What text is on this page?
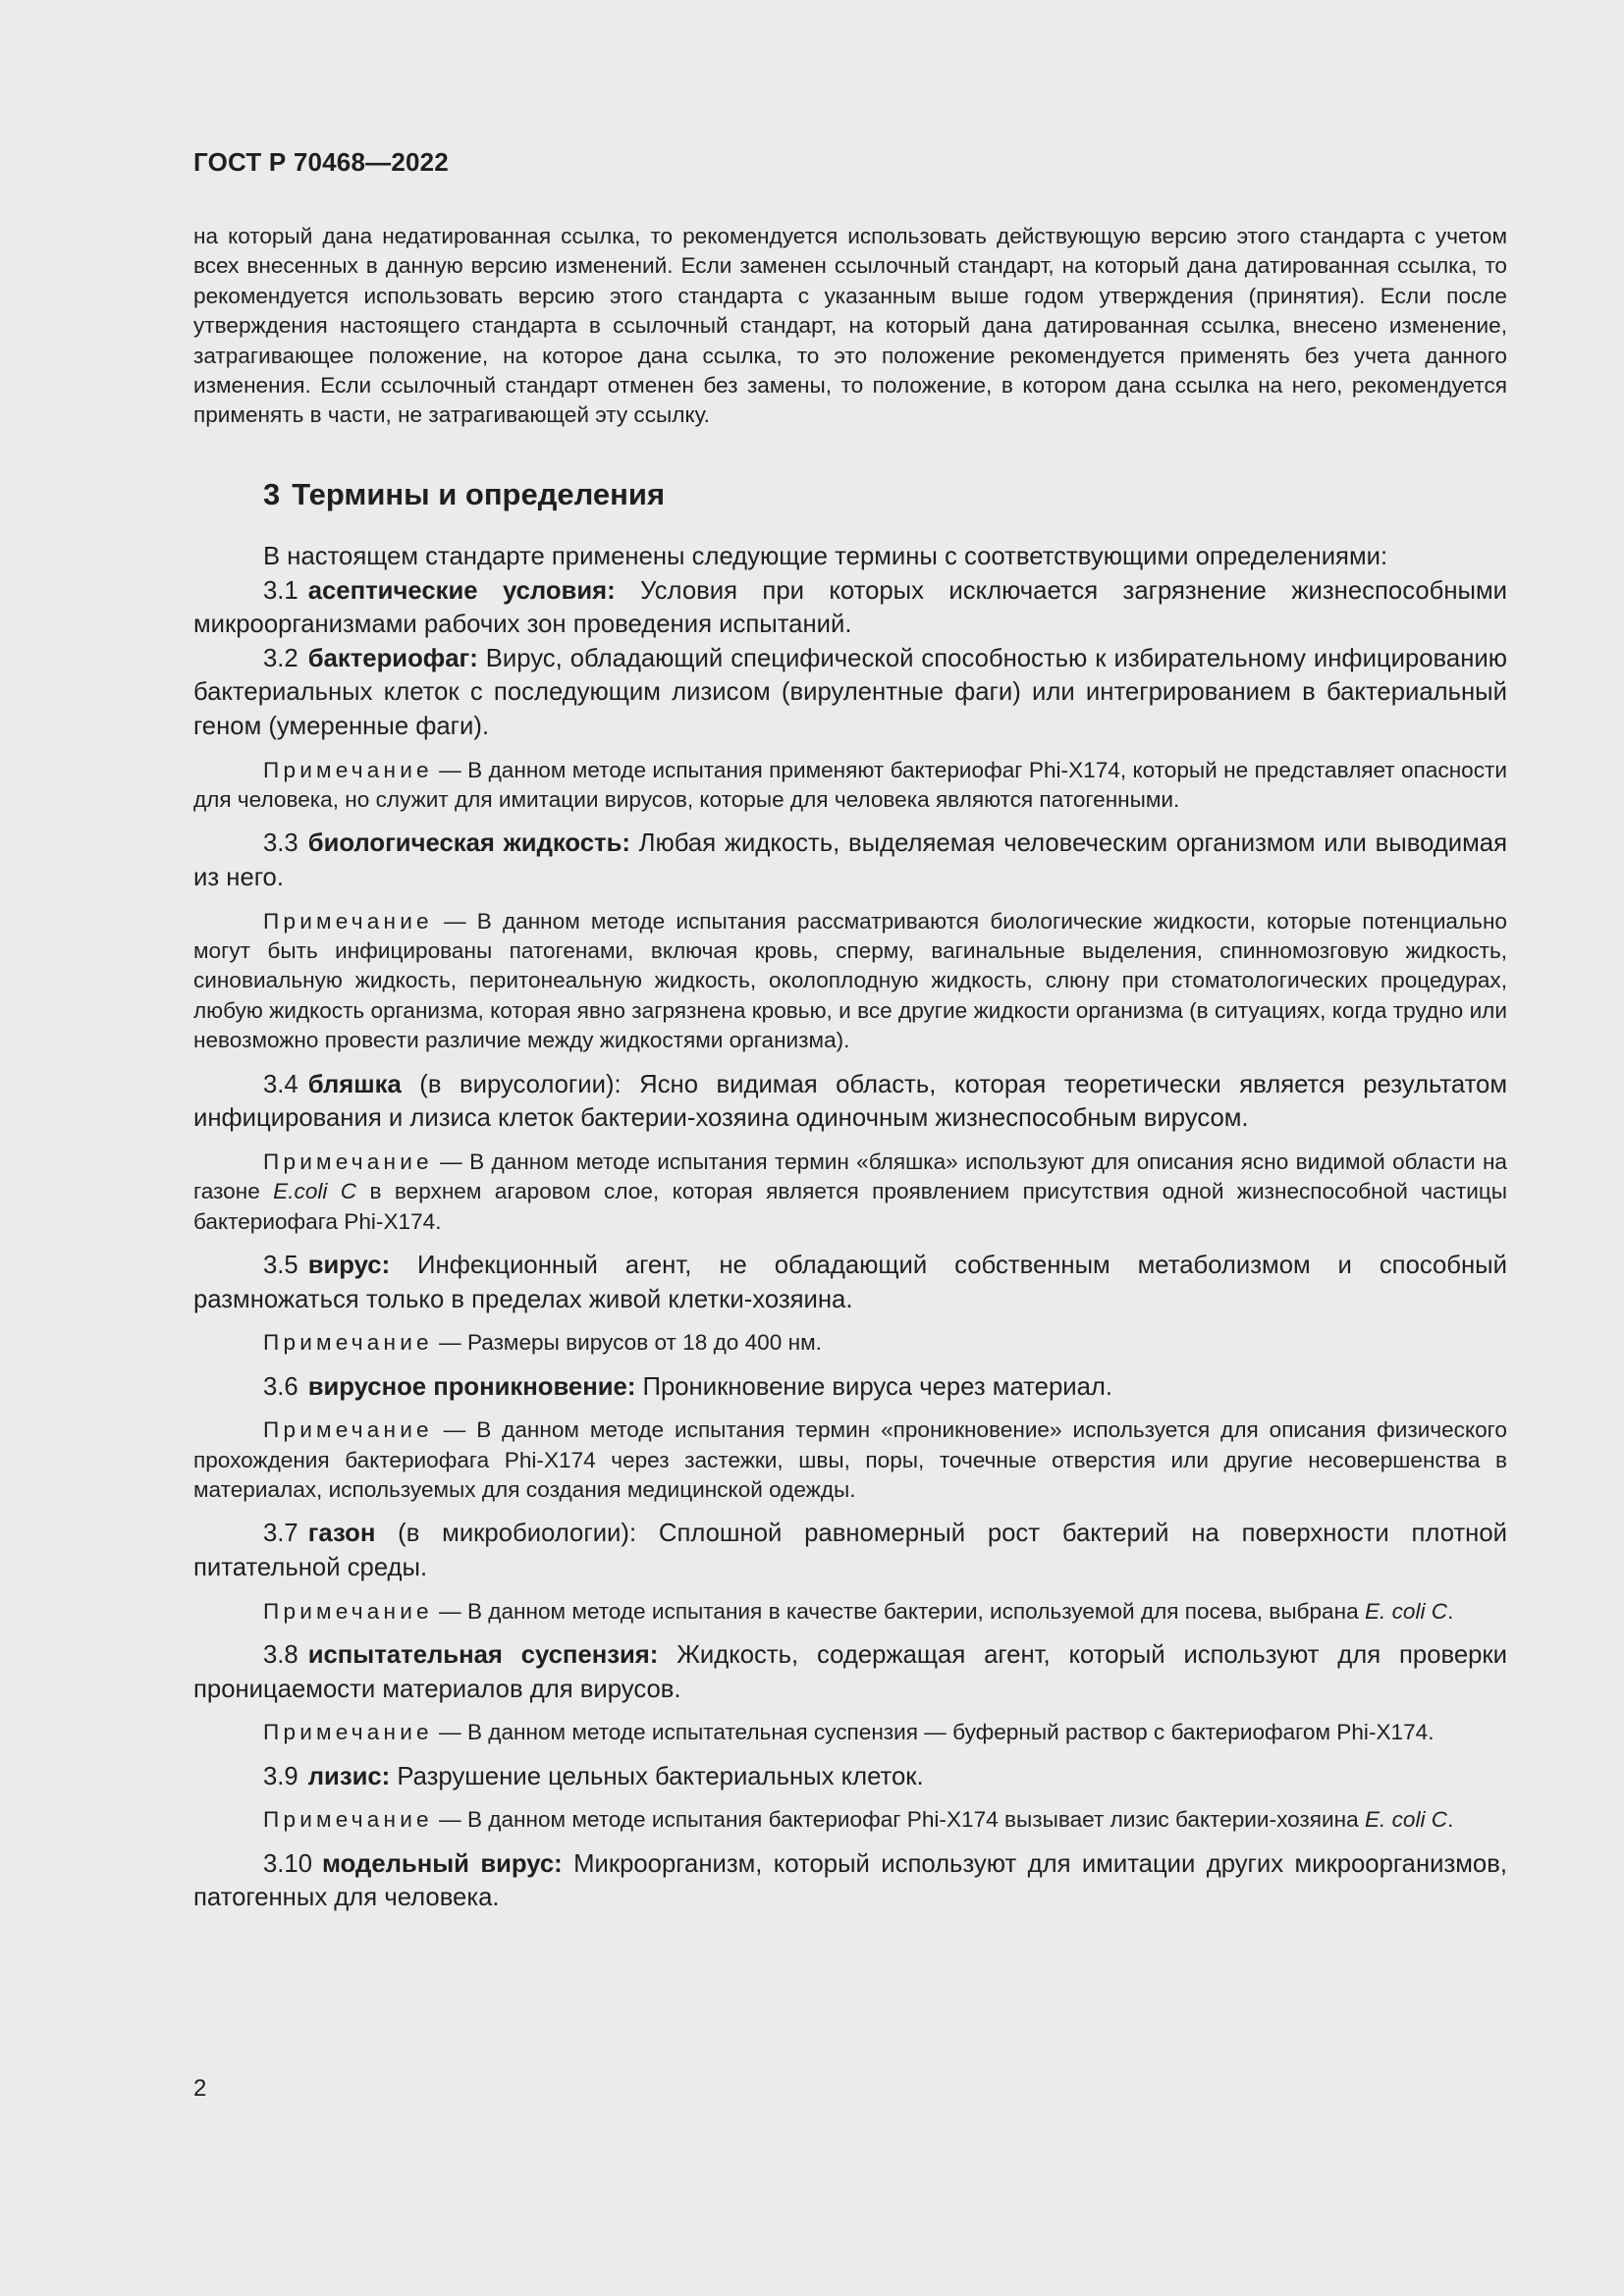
ГОСТ Р 70468—2022

на который дана недатированная ссылка, то рекомендуется использовать действующую версию этого стандарта с учетом всех внесенных в данную версию изменений. Если заменен ссылочный стандарт, на который дана датированная ссылка, то рекомендуется использовать версию этого стандарта с указанным выше годом утверждения (принятия). Если после утверждения настоящего стандарта в ссылочный стандарт, на который дана датированная ссылка, внесено изменение, затрагивающее положение, на которое дана ссылка, то это положение рекомендуется применять без учета данного изменения. Если ссылочный стандарт отменен без замены, то положение, в котором дана ссылка на него, рекомендуется применять в части, не затрагивающей эту ссылку.

3 Термины и определения

В настоящем стандарте применены следующие термины с соответствующими определениями:

3.1 асептические условия: Условия при которых исключается загрязнение жизнеспособными микроорганизмами рабочих зон проведения испытаний.

3.2 бактериофаг: Вирус, обладающий специфической способностью к избирательному инфицированию бактериальных клеток с последующим лизисом (вирулентные фаги) или интегрированием в бактериальный геном (умеренные фаги).

Примечание — В данном методе испытания применяют бактериофаг Phi-X174, который не представляет опасности для человека, но служит для имитации вирусов, которые для человека являются патогенными.

3.3 биологическая жидкость: Любая жидкость, выделяемая человеческим организмом или выводимая из него.

Примечание — В данном методе испытания рассматриваются биологические жидкости, которые потенциально могут быть инфицированы патогенами, включая кровь, сперму, вагинальные выделения, спинномозговую жидкость, синовиальную жидкость, перитонеальную жидкость, околоплодную жидкость, слюну при стоматологических процедурах, любую жидкость организма, которая явно загрязнена кровью, и все другие жидкости организма (в ситуациях, когда трудно или невозможно провести различие между жидкостями организма).

3.4 бляшка (в вирусологии): Ясно видимая область, которая теоретически является результатом инфицирования и лизиса клеток бактерии-хозяина одиночным жизнеспособным вирусом.

Примечание — В данном методе испытания термин «бляшка» используют для описания ясно видимой области на газоне E.coli C в верхнем агаровом слое, которая является проявлением присутствия одной жизнеспособной частицы бактериофага Phi-X174.

3.5 вирус: Инфекционный агент, не обладающий собственным метаболизмом и способный размножаться только в пределах живой клетки-хозяина.

Примечание — Размеры вирусов от 18 до 400 нм.

3.6 вирусное проникновение: Проникновение вируса через материал.

Примечание — В данном методе испытания термин «проникновение» используется для описания физического прохождения бактериофага Phi-X174 через застежки, швы, поры, точечные отверстия или другие несовершенства в материалах, используемых для создания медицинской одежды.

3.7 газон (в микробиологии): Сплошной равномерный рост бактерий на поверхности плотной питательной среды.

Примечание — В данном методе испытания в качестве бактерии, используемой для посева, выбрана E. coli C.

3.8 испытательная суспензия: Жидкость, содержащая агент, который используют для проверки проницаемости материалов для вирусов.

Примечание — В данном методе испытательная суспензия — буферный раствор с бактериофагом Phi-X174.

3.9 лизис: Разрушение цельных бактериальных клеток.

Примечание — В данном методе испытания бактериофаг Phi-X174 вызывает лизис бактерии-хозяина E. coli C.

3.10 модельный вирус: Микроорганизм, который используют для имитации других микроорганизмов, патогенных для человека.

2
